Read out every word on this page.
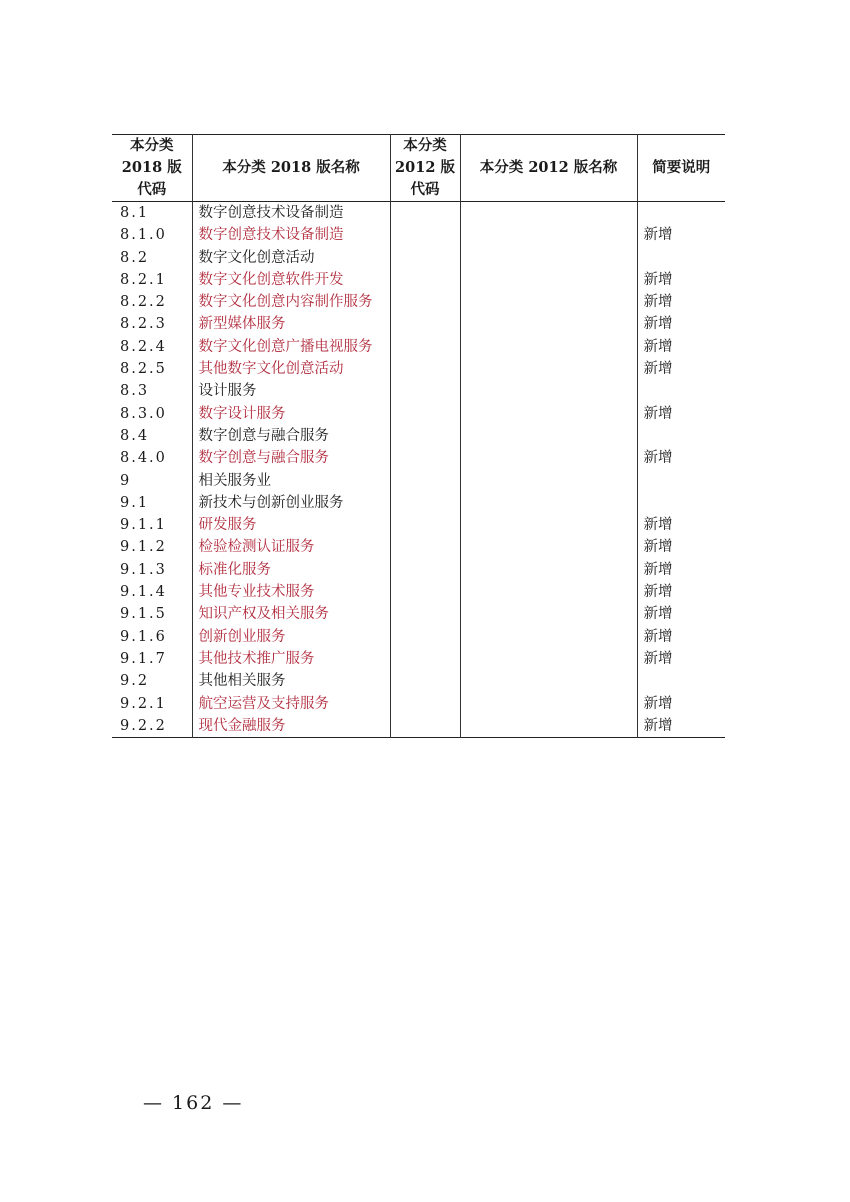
本分类 2018 版 代码	本分类 2018 版名称	本分类 2012 版 代码	本分类 2012 版名称	简要说明
8.1	数字创意技术设备制造			

8.1.0	数字创意技术设备制造			新增
8.2	数字文化创意活动			

8.2.1	数字文化创意软件开发			新增
8.2.2	数字文化创意内容制作服务			新增
8.2.3	新型媒体服务			新增
8.2.4	数字文化创意广播电视服务			新增
8.2.5	其他数字文化创意活动			新增
8.3	设计服务			

8.3.0	数字设计服务			新增
8.4	数字创意与融合服务			

8.4.0	数字创意与融合服务			新增
9	相关服务业			

9.1	新技术与创新创业服务			

9.1.1	研发服务			新增
9.1.2	检验检测认证服务			新增
9.1.3	标准化服务			新增
9.1.4	其他专业技术服务			新增
9.1.5	知识产权及相关服务			新增
9.1.6	创新创业服务			新增
9.1.7	其他技术推广服务			新增
9.2	其他相关服务			

9.2.1	航空运营及支持服务			新增
9.2.2	现代金融服务			新增
— 162 —
